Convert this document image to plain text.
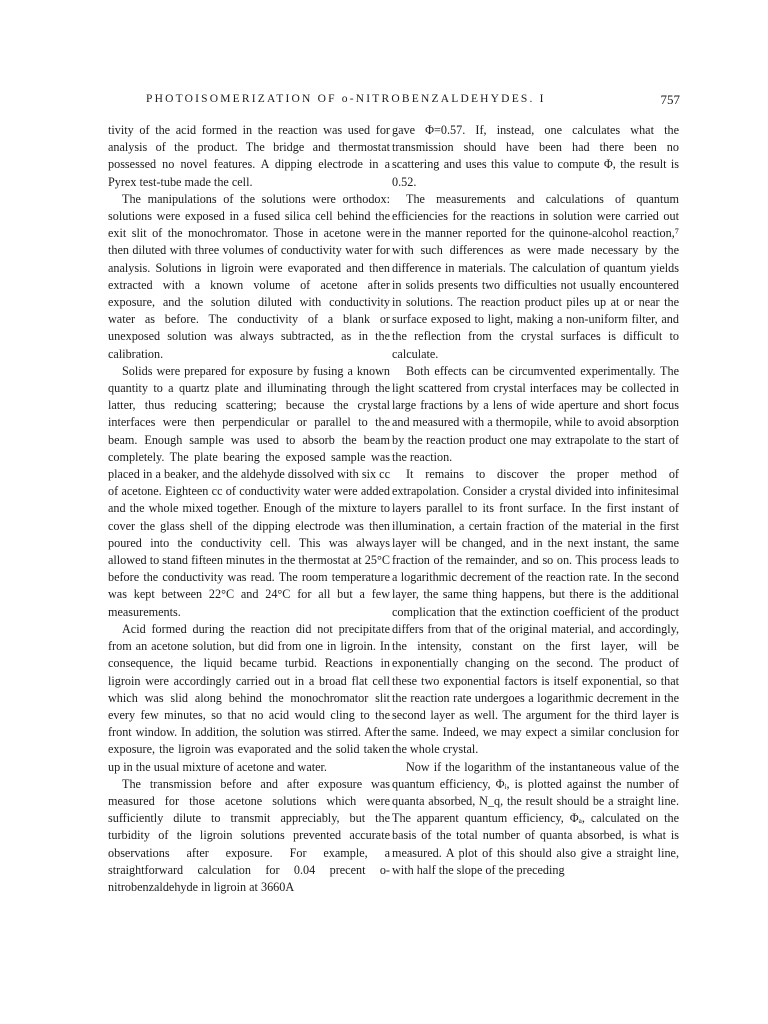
PHOTOISOMERIZATION OF o-NITROBENZALDEHYDES. I	757

tivity of the acid formed in the reaction was used for analysis of the product. The bridge and thermostat possessed no novel features. A dipping electrode in a Pyrex test-tube made the cell.

The manipulations of the solutions were orthodox: solutions were exposed in a fused silica cell behind the exit slit of the monochromator. Those in acetone were then diluted with three volumes of conductivity water for analysis. Solutions in ligroin were evaporated and then extracted with a known volume of acetone after exposure, and the solution diluted with conductivity water as before. The conductivity of a blank or unexposed solution was always subtracted, as in the calibration.

Solids were prepared for exposure by fusing a known quantity to a quartz plate and illuminating through the latter, thus reducing scattering; because the crystal interfaces were then perpendicular or parallel to the beam. Enough sample was used to absorb the beam completely. The plate bearing the exposed sample was placed in a beaker, and the aldehyde dissolved with six cc of acetone. Eighteen cc of conductivity water were added and the whole mixed together. Enough of the mixture to cover the glass shell of the dipping electrode was then poured into the conductivity cell. This was always allowed to stand fifteen minutes in the thermostat at 25°C before the conductivity was read. The room temperature was kept between 22°C and 24°C for all but a few measurements.

Acid formed during the reaction did not precipitate from an acetone solution, but did from one in ligroin. In consequence, the liquid became turbid. Reactions in ligroin were accordingly carried out in a broad flat cell which was slid along behind the monochromator slit every few minutes, so that no acid would cling to the front window. In addition, the solution was stirred. After exposure, the ligroin was evaporated and the solid taken up in the usual mixture of acetone and water.

The transmission before and after exposure was measured for those acetone solutions which were sufficiently dilute to transmit appreciably, but the turbidity of the ligroin solutions prevented accurate observations after exposure. For example, a straightforward calculation for 0.04 precent o-nitrobenzaldehyde in ligroin at 3660A

gave Φ=0.57. If, instead, one calculates what the transmission should have been had there been no scattering and uses this value to compute Φ, the result is 0.52.

The measurements and calculations of quantum efficiencies for the reactions in solution were carried out in the manner reported for the quinone-alcohol reaction,⁷ with such differences as were made necessary by the difference in materials. The calculation of quantum yields in solids presents two difficulties not usually encountered in solutions. The reaction product piles up at or near the surface exposed to light, making a non-uniform filter, and the reflection from the crystal surfaces is difficult to calculate.

Both effects can be circumvented experimentally. The light scattered from crystal interfaces may be collected in large fractions by a lens of wide aperture and short focus and measured with a thermopile, while to avoid absorption by the reaction product one may extrapolate to the start of the reaction.

It remains to discover the proper method of extrapolation. Consider a crystal divided into infinitesimal layers parallel to its front surface. In the first instant of illumination, a certain fraction of the material in the first layer will be changed, and in the next instant, the same fraction of the remainder, and so on. This process leads to a logarithmic decrement of the reaction rate. In the second layer, the same thing happens, but there is the additional complication that the extinction coefficient of the product differs from that of the original material, and accordingly, the intensity, constant on the first layer, will be exponentially changing on the second. The product of these two exponential factors is itself exponential, so that the reaction rate undergoes a logarithmic decrement in the second layer as well. The argument for the third layer is the same. Indeed, we may expect a similar conclusion for the whole crystal.

Now if the logarithm of the instantaneous value of the quantum efficiency, Φᵢ, is plotted against the number of quanta absorbed, N_q, the result should be a straight line. The apparent quantum efficiency, Φₐ, calculated on the basis of the total number of quanta absorbed, is what is measured. A plot of this should also give a straight line, with half the slope of the preceding
